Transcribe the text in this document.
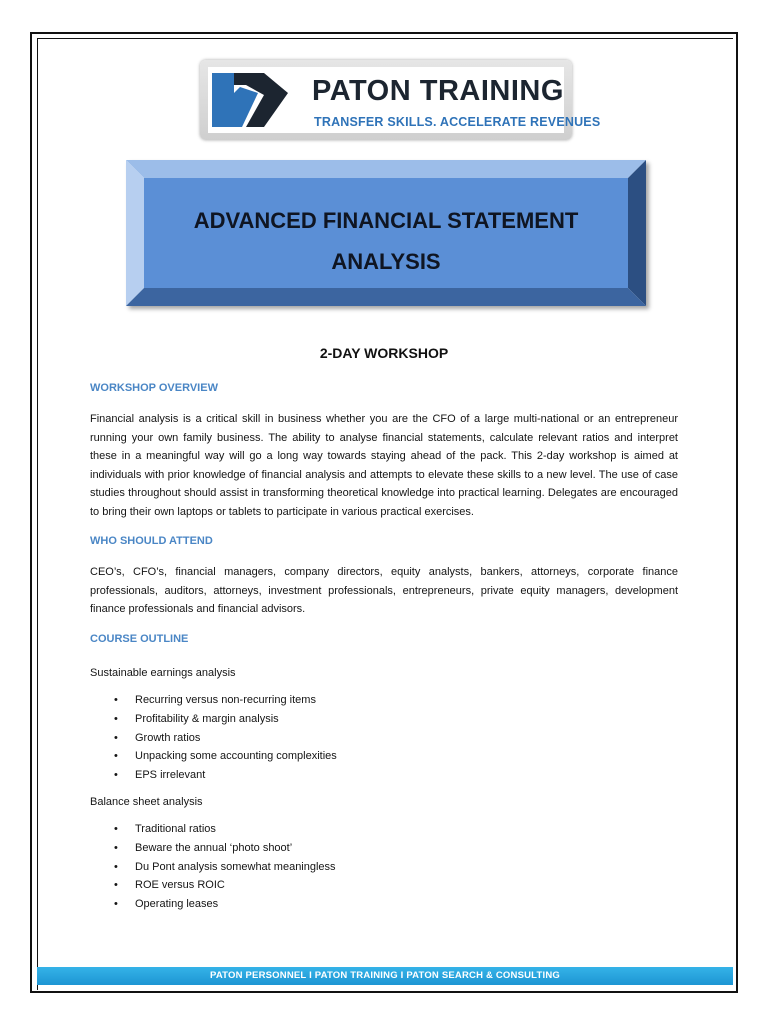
PATON TRAINING
TRANSFER SKILLS. ACCELERATE REVENUES
ADVANCED FINANCIAL STATEMENT
ANALYSIS
2-DAY WORKSHOP
WORKSHOP OVERVIEW
Financial analysis is a critical skill in business whether you are the CFO of a large multi-national or an entrepreneur running your own family business. The ability to analyse financial statements, calculate relevant ratios and interpret these in a meaningful way will go a long way towards staying ahead of the pack. This 2-day workshop is aimed at individuals with prior knowledge of financial analysis and attempts to elevate these skills to a new level. The use of case studies throughout should assist in transforming theoretical knowledge into practical learning. Delegates are encouraged to bring their own laptops or tablets to participate in various practical exercises.
WHO SHOULD ATTEND
CEO’s, CFO’s, financial managers, company directors, equity analysts, bankers, attorneys, corporate finance professionals, auditors, attorneys, investment professionals, entrepreneurs, private equity managers, development finance professionals and financial advisors.
COURSE OUTLINE
Sustainable earnings analysis
• Recurring versus non-recurring items
• Profitability & margin analysis
• Growth ratios
• Unpacking some accounting complexities
• EPS irrelevant
Balance sheet analysis
• Traditional ratios
• Beware the annual ‘photo shoot’
• Du Pont analysis somewhat meaningless
• ROE versus ROIC
• Operating leases
PATON PERSONNEL I PATON TRAINING I PATON SEARCH & CONSULTING
